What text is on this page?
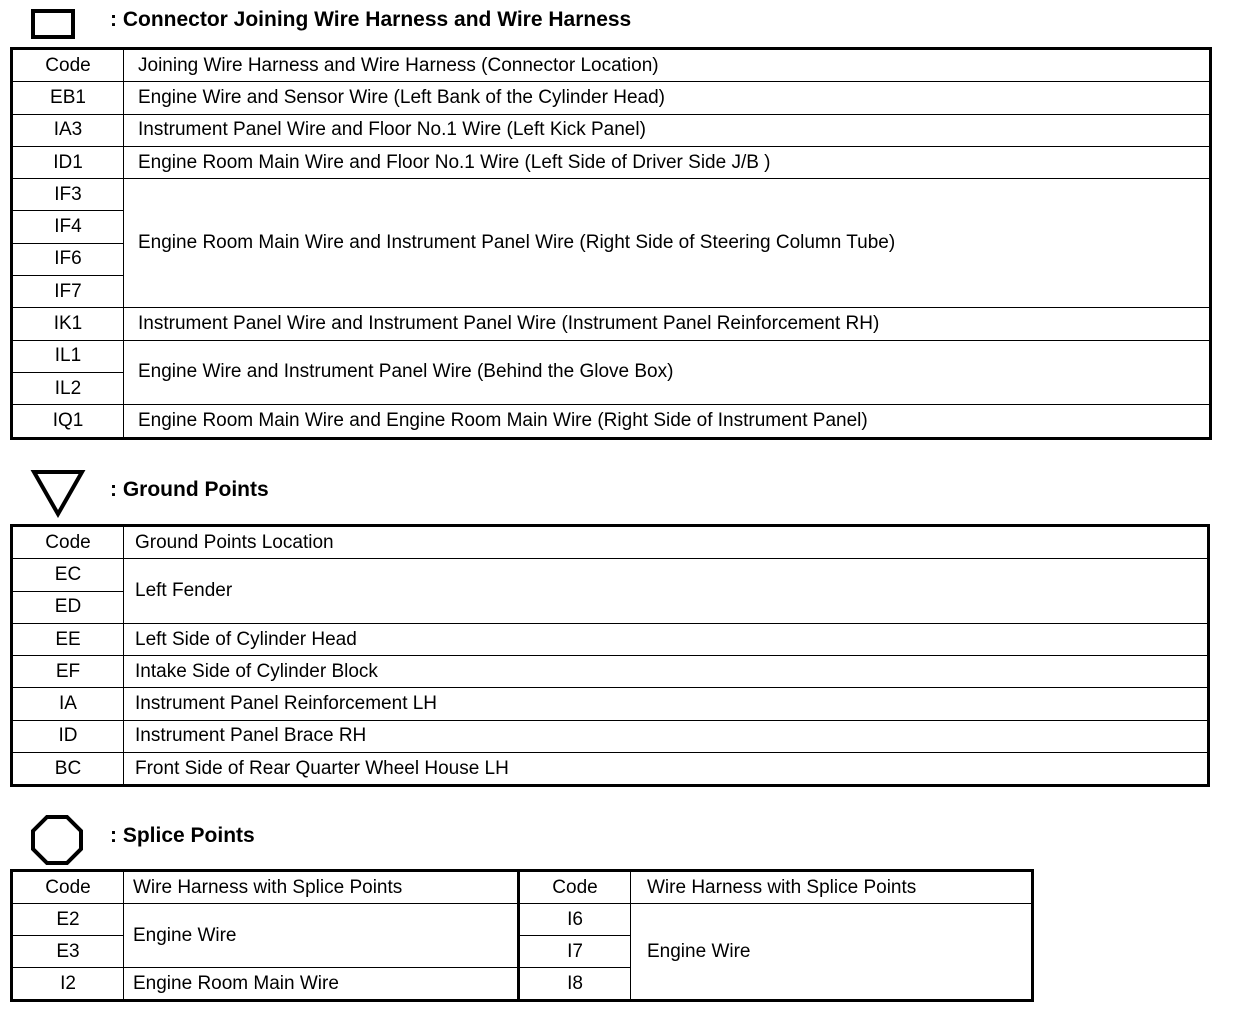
: Connector Joining Wire Harness and Wire Harness
Code	Joining Wire Harness and Wire Harness (Connector Location)
EB1	Engine Wire and Sensor Wire (Left Bank of the Cylinder Head)
IA3	Instrument Panel Wire and Floor No.1 Wire (Left Kick Panel)
ID1	Engine Room Main Wire and Floor No.1 Wire (Left Side of Driver Side J/B )
IF3	Engine Room Main Wire and Instrument Panel Wire (Right Side of Steering Column Tube)
IF4	
IF6	
IF7	
IK1	Instrument Panel Wire and Instrument Panel Wire (Instrument Panel Reinforcement RH)
IL1	Engine Wire and Instrument Panel Wire (Behind the Glove Box)
IL2	
IQ1	Engine Room Main Wire and Engine Room Main Wire (Right Side of Instrument Panel)
: Ground Points
Code	Ground Points Location
EC	Left Fender
ED	
EE	Left Side of Cylinder Head
EF	Intake Side of Cylinder Block
IA	Instrument Panel Reinforcement LH
ID	Instrument Panel Brace RH
BC	Front Side of Rear Quarter Wheel House LH
: Splice Points
Code	Wire Harness with Splice Points	Code	Wire Harness with Splice Points
E2	Engine Wire	I6	Engine Wire
E3		I7	
I2	Engine Room Main Wire	I8	
